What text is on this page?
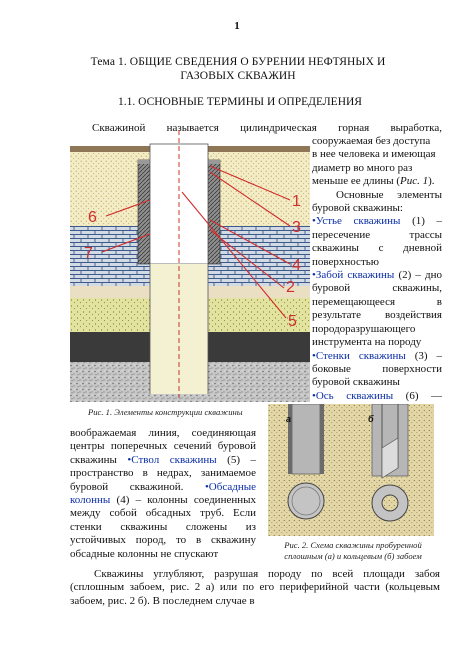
1
Тема 1. ОБЩИЕ СВЕДЕНИЯ О БУРЕНИИ НЕФТЯНЫХ И ГАЗОВЫХ СКВАЖИН
1.1. ОСНОВНЫЕ ТЕРМИНЫ И ОПРЕДЕЛЕНИЯ
Скважиной называется цилиндрическая горная выработка,
1
2
3
4
5
6
7
Рис. 1. Элементы конструкции скважины
сооружаемая без доступа
в нее человека и имеющая
диаметр во много раз
меньше ее длины (Рис. 1).
Основные элементы буровой скважины:
•Устье скважины (1) – пересечение трассы скважины с дневной поверхностью
•Забой скважины (2) – дно буровой скважины, перемещающееся в результате воздействия породоразрушающего инструмента на породу
•Стенки скважины (3) – боковые поверхности буровой скважины
•Ось скважины (6) —
воображаемая линия, соединяющая центры поперечных сечений буровой скважины •Ствол скважины (5) – пространство в недрах, занимаемое буровой скважиной. •Обсадные колонны (4) – колонны соединенных между собой обсадных труб. Если стенки скважины сложены из устойчивых пород, то в скважину обсадные колонны не спускают
а	б
Рис. 2. Схема скважины пробуренной сплошным (а) и кольцевым (б) забоем
Скважины углубляют, разрушая породу по всей площади забоя (сплошным забоем, рис. 2 а) или по его периферийной части (кольцевым забоем, рис. 2 б). В последнем случае в
